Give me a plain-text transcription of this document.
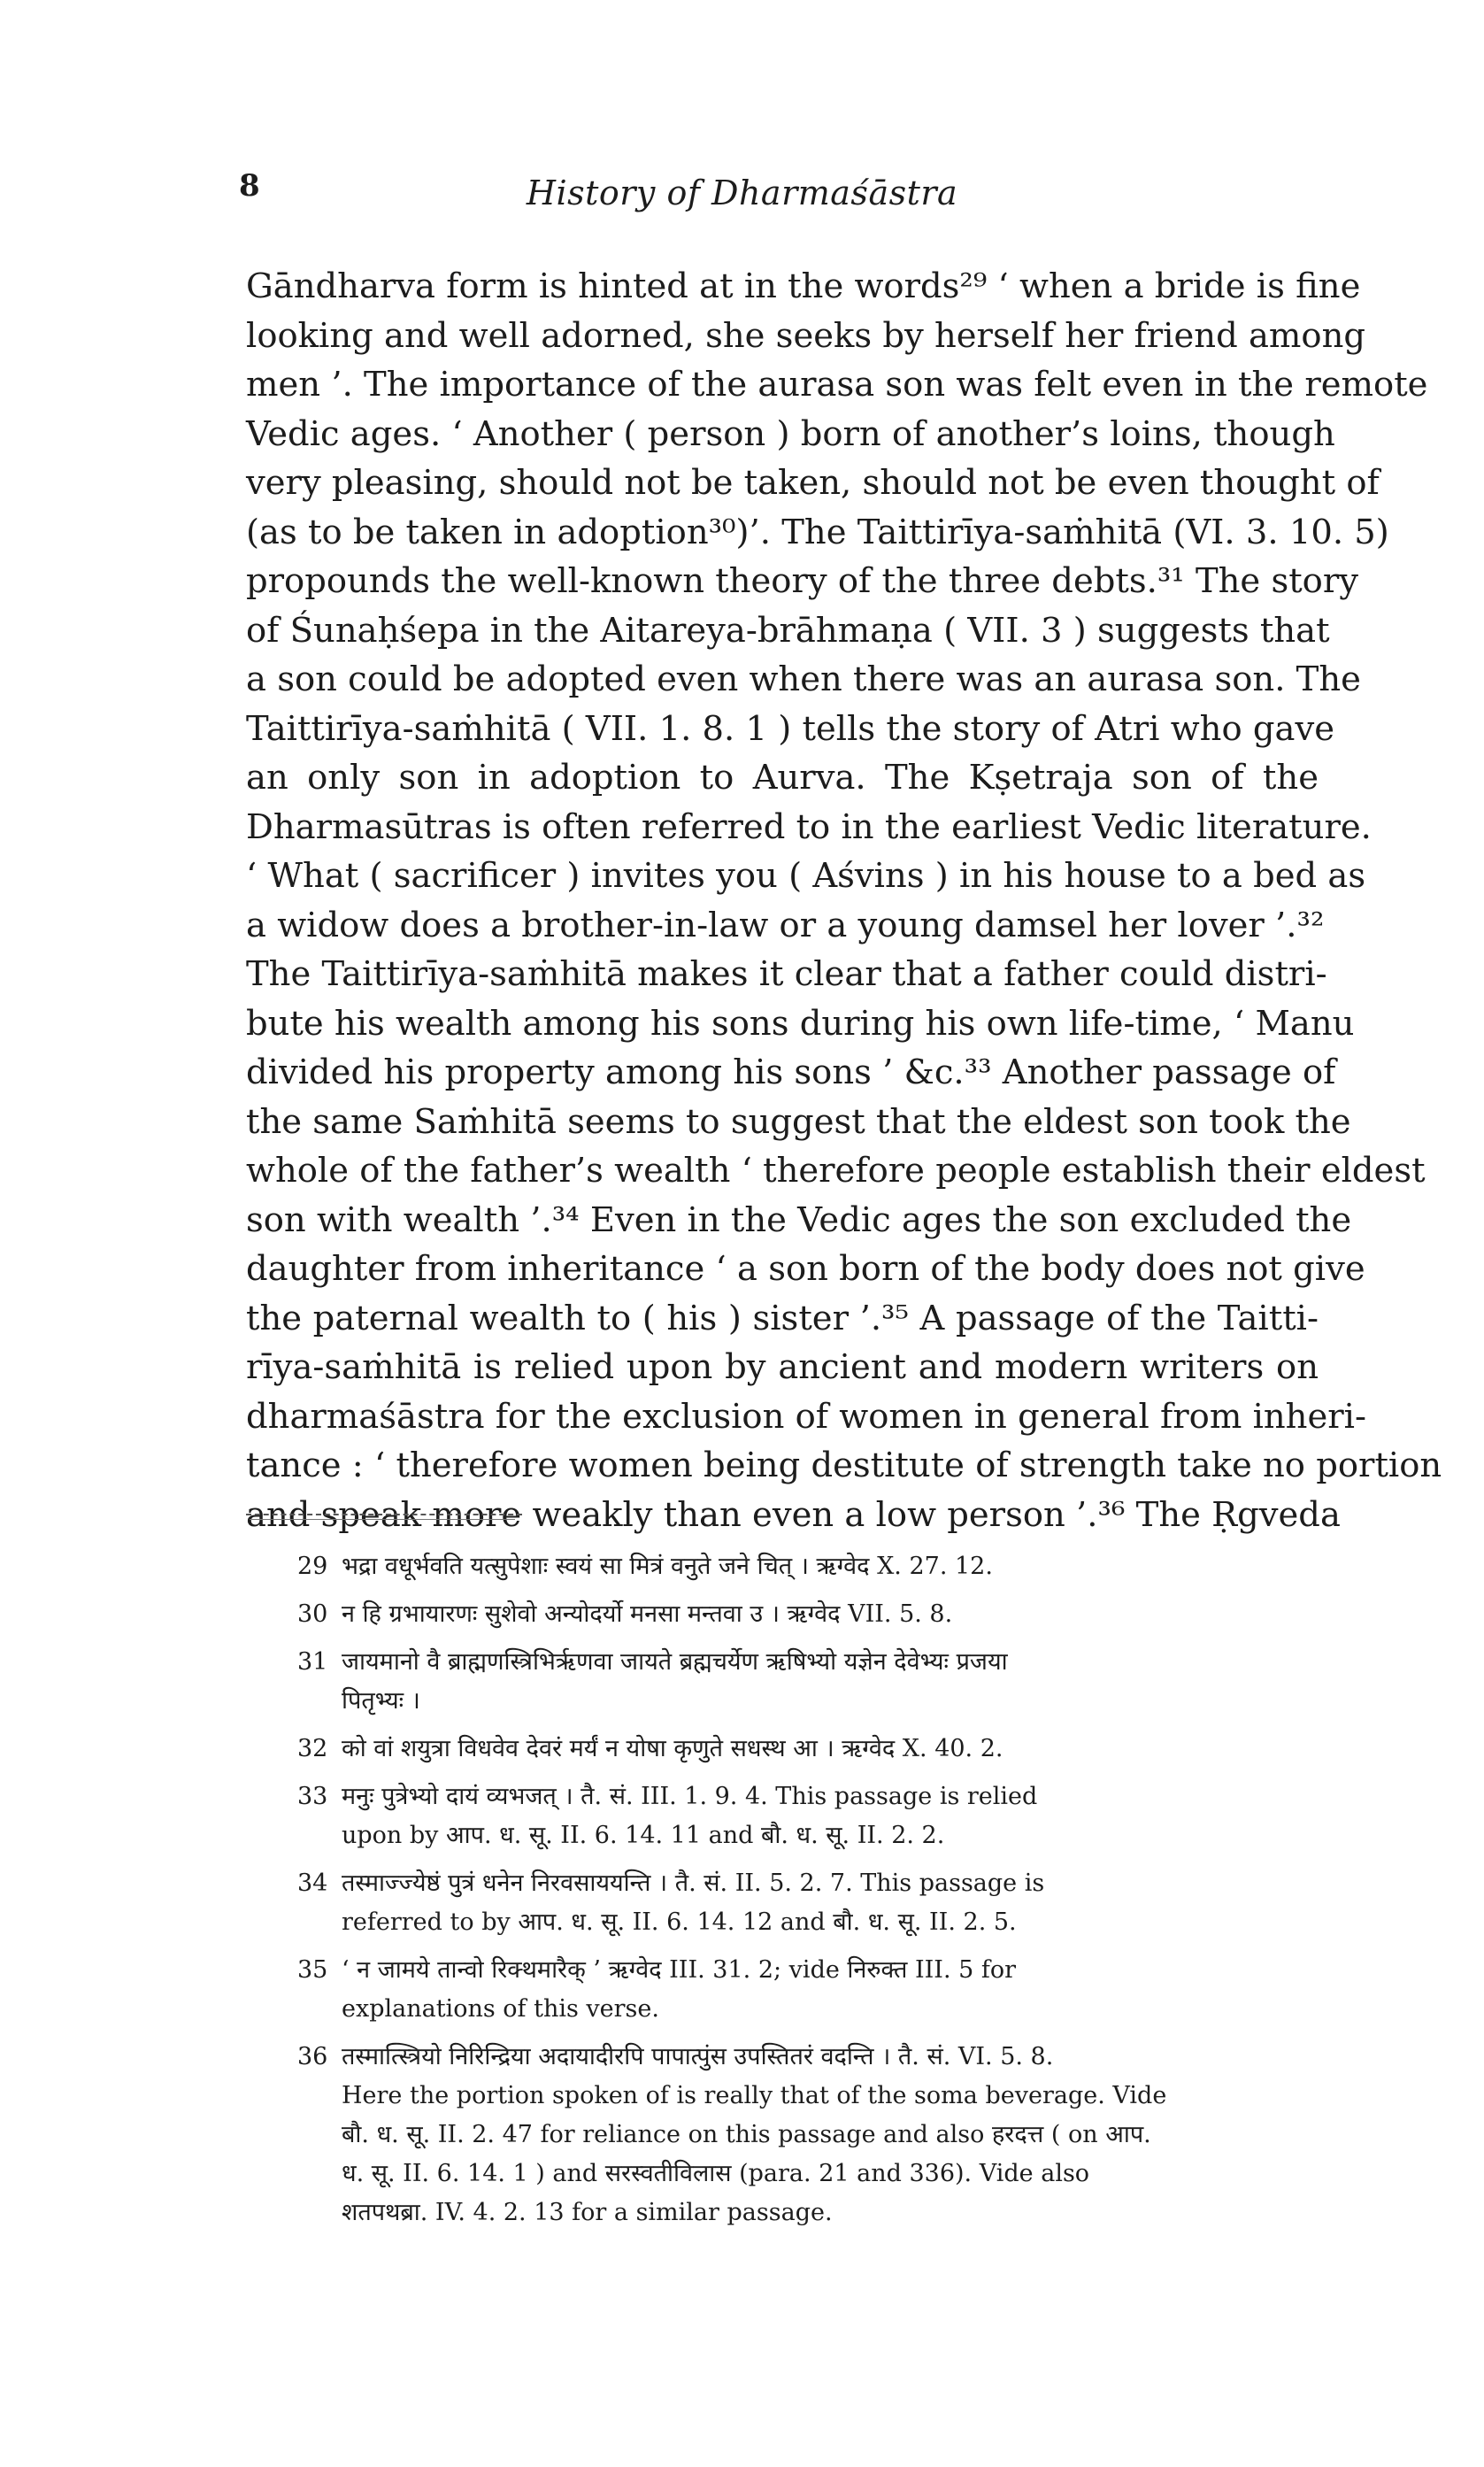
8	History of Dharmaśāstra
Gāndharva form is hinted at in the words²⁹ ‘ when a bride is fine
looking and well adorned, she seeks by herself her friend among
men ’. The importance of the aurasa son was felt even in the remote
Vedic ages. ‘ Another ( person ) born of another’s loins, though
very pleasing, should not be taken, should not be even thought of
(as to be taken in adoption³⁰)’. The Taittirīya-saṁhitā (VI. 3. 10. 5)
propounds the well-known theory of the three debts.³¹ The story
of Śunaḥśepa in the Aitareya-brāhmaṇa ( VII. 3 ) suggests that
a son could be adopted even when there was an aurasa son. The
Taittirīya-saṁhitā ( VII. 1. 8. 1 ) tells the story of Atri who gave
an only son in adoption to Aurva. The Kṣetraja son of the
Dharmasūtras is often referred to in the earliest Vedic literature.
‘ What ( sacrificer ) invites you ( Aśvins ) in his house to a bed as
a widow does a brother-in-law or a young damsel her lover ’.³²
The Taittirīya-saṁhitā makes it clear that a father could distri-
bute his wealth among his sons during his own life-time, ‘ Manu
divided his property among his sons ’ &c.³³ Another passage of
the same Saṁhitā seems to suggest that the eldest son took the
whole of the father’s wealth ‘ therefore people establish their eldest
son with wealth ’.³⁴ Even in the Vedic ages the son excluded the
daughter from inheritance ‘ a son born of the body does not give
the paternal wealth to ( his ) sister ’.³⁵ A passage of the Taitti-
rīya-saṁhitā is relied upon by ancient and modern writers on
dharmaśāstra for the exclusion of women in general from inheri-
tance : ‘ therefore women being destitute of strength take no portion
and speak more weakly than even a low person ’.³⁶ The Ṛgveda
29 भद्रा वधूर्भवति यत्सुपेशाः स्वयं सा मित्रं वनुते जने चित् । ऋग्वेद X. 27. 12.
30 न हि ग्रभायारणः सुशेवो अन्योदर्यो मनसा मन्तवा उ । ऋग्वेद VII. 5. 8.
31 जायमानो वै ब्राह्मणस्त्रिभिर्ऋणवा जायते ब्रह्मचर्येण ऋषिभ्यो यज्ञेन देवेभ्यः प्रजया
पितृभ्यः ।
32 को वां शयुत्रा विधवेव देवरं मर्यं न योषा कृणुते सधस्थ आ । ऋग्वेद X. 40. 2.
33 मनुः पुत्रेभ्यो दायं व्यभजत् । तै. सं. III. 1. 9. 4. This passage is relied
upon by आप. ध. सू. II. 6. 14. 11 and बौ. ध. सू. II. 2. 2.
34 तस्माज्ज्येष्ठं पुत्रं धनेन निरवसाययन्ति । तै. सं. II. 5. 2. 7. This passage is
referred to by आप. ध. सू. II. 6. 14. 12 and बौ. ध. सू. II. 2. 5.
35 ‘ न जामये तान्वो रिक्थमारैक् ’ ऋग्वेद III. 31. 2; vide निरुक्त III. 5 for
explanations of this verse.
36 तस्मात्स्त्रियो निरिन्द्रिया अदायादीरपि पापात्पुंस उपस्तितरं वदन्ति । तै. सं. VI. 5. 8.
Here the portion spoken of is really that of the soma beverage. Vide
बौ. ध. सू. II. 2. 47 for reliance on this passage and also हरदत्त ( on आप.
ध. सू. II. 6. 14. 1 ) and सरस्वतीविलास (para. 21 and 336). Vide also
शतपथब्रा. IV. 4. 2. 13 for a similar passage.
